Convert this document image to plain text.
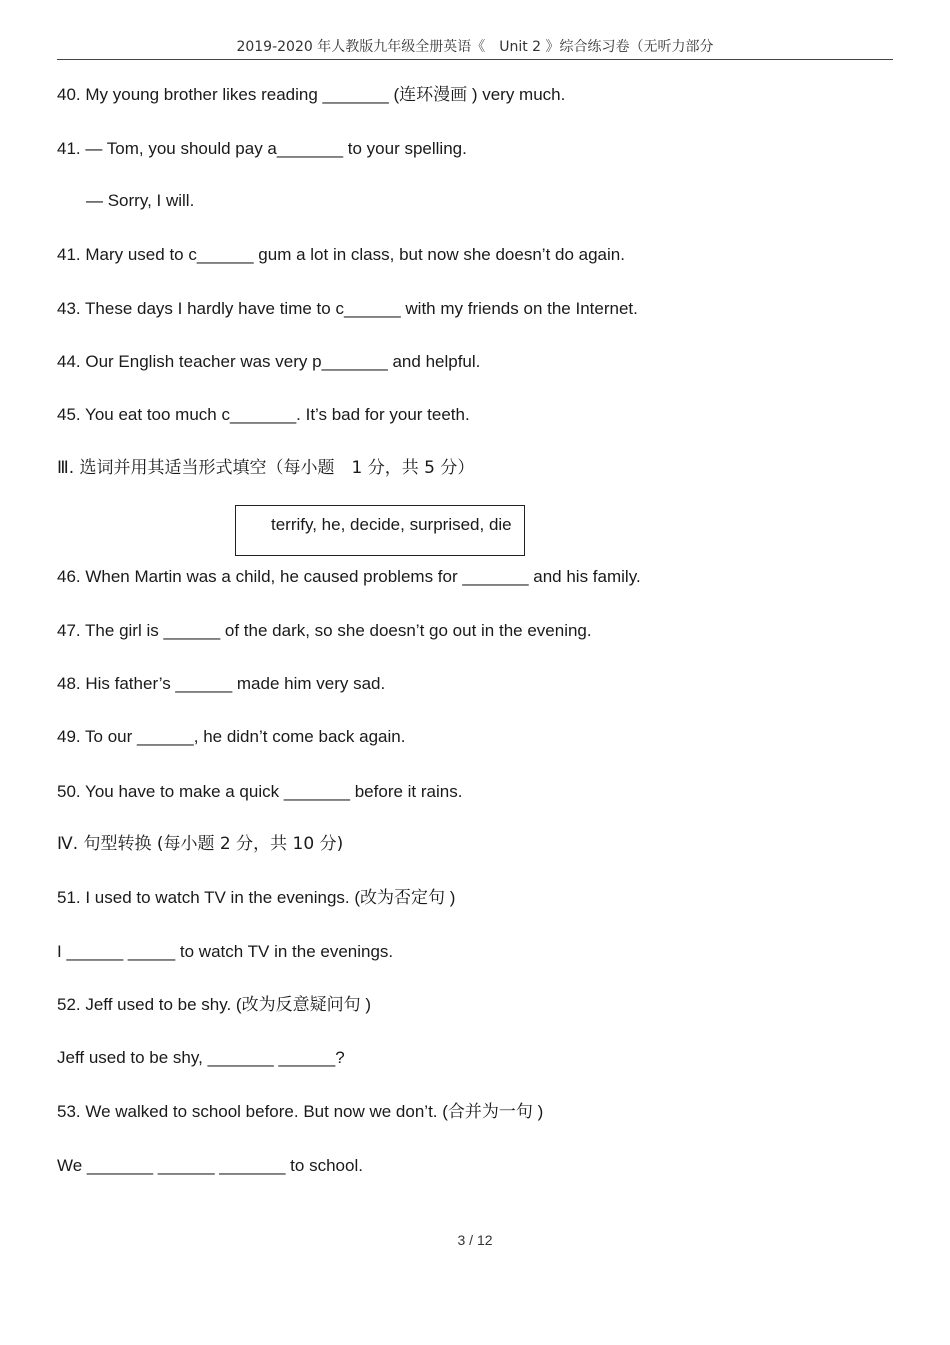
2019-2020 年人教版九年级全册英语《　Unit 2 》综合练习卷（无听力部分
40. My young brother likes reading _______ (连环漫画 ) very much.
41. — Tom, you should pay a_______ to your spelling.
— Sorry, I will.
41. Mary used to c______ gum a lot in class, but now she doesn’t do again.
43. These days I hardly have time to c______ with my friends on the Internet.
44. Our English teacher was very p_______ and helpful.
45. You eat too much c_______. It’s bad for your teeth.
Ⅲ. 选词并用其适当形式填空（每小题　1 分，共 5 分）
terrify, he, decide, surprised, die
46. When Martin was a child, he caused problems for _______ and his family.
47. The girl is ______ of the dark, so she doesn’t go out in the evening.
48. His father’s ______ made him very sad.
49. To our ______, he didn’t come back again.
50. You have to make a quick _______ before it rains.
Ⅳ. 句型转换 (每小题 2 分，共 10 分)
51. I used to watch TV in the evenings. (改为否定句 )
I ______ _____ to watch TV in the evenings.
52. Jeff used to be shy. (改为反意疑问句 )
Jeff used to be shy, _______ ______?
53. We walked to school before. But now we don’t. (合并为一句 )
We _______ ______ _______ to school.
3 / 12
